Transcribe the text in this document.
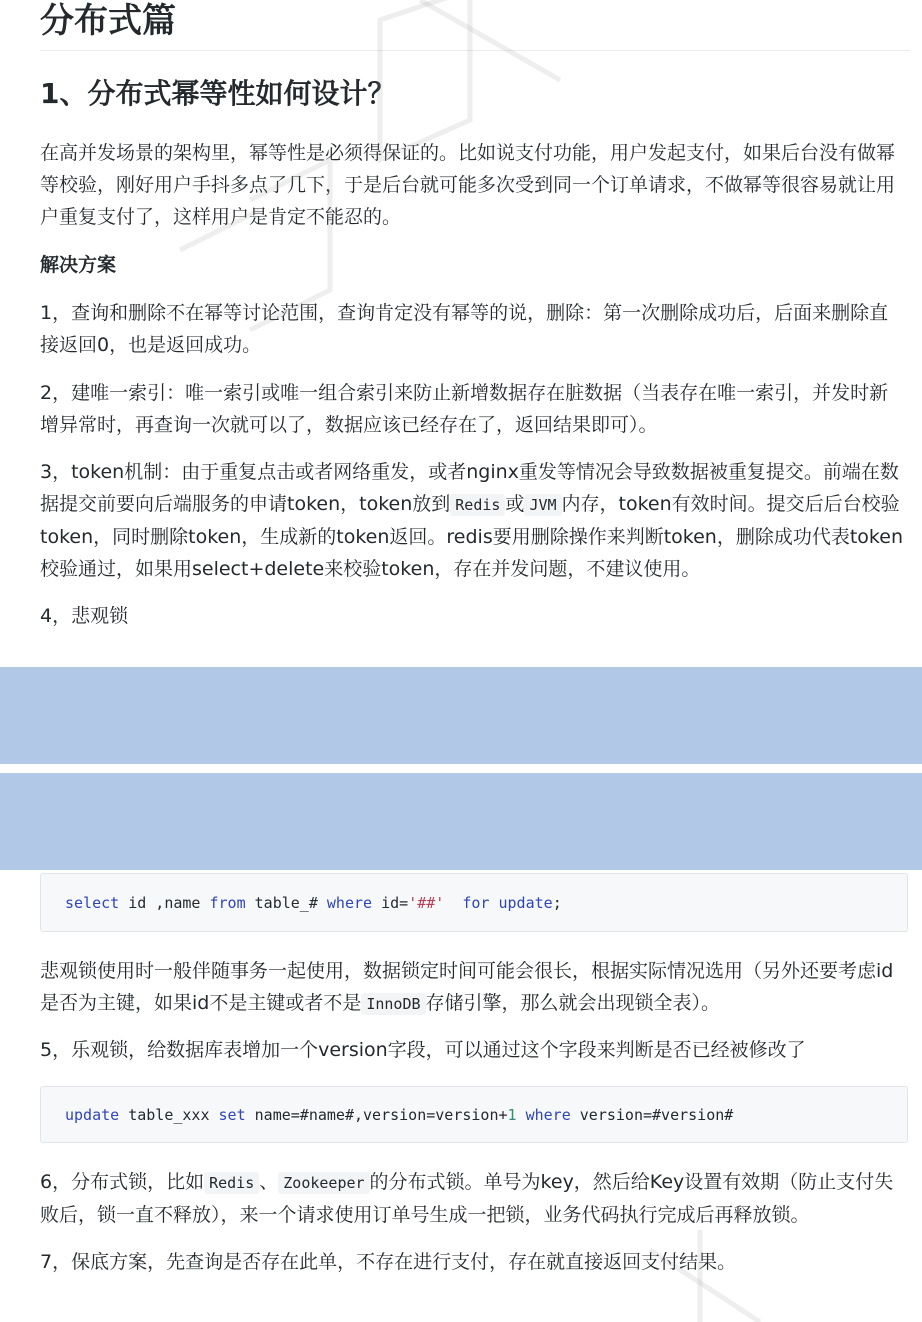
分布式篇
1、分布式幂等性如何设计？

在高并发场景的架构里，幂等性是必须得保证的。比如说支付功能，用户发起支付，如果后台没有做幂等校验，刚好用户手抖多点了几下，于是后台就可能多次受到同一个订单请求，不做幂等很容易就让用户重复支付了，这样用户是肯定不能忍的。

解决方案

1，查询和删除不在幂等讨论范围，查询肯定没有幂等的说，删除：第一次删除成功后，后面来删除直接返回0，也是返回成功。

2，建唯一索引：唯一索引或唯一组合索引来防止新增数据存在脏数据（当表存在唯一索引，并发时新增异常时，再查询一次就可以了，数据应该已经存在了，返回结果即可）。

3，token机制：由于重复点击或者网络重发，或者nginx重发等情况会导致数据被重复提交。前端在数据提交前要向后端服务的申请token，token放到 Redis 或 JVM 内存，token有效时间。提交后后台校验token，同时删除token，生成新的token返回。redis要用删除操作来判断token，删除成功代表token校验通过，如果用select+delete来校验token，存在并发问题，不建议使用。

4，悲观锁

select id ,name from table_# where id='##' for update;

悲观锁使用时一般伴随事务一起使用，数据锁定时间可能会很长，根据实际情况选用（另外还要考虑id是否为主键，如果id不是主键或者不是 InnoDB 存储引擎，那么就会出现锁全表）。

5，乐观锁，给数据库表增加一个version字段，可以通过这个字段来判断是否已经被修改了

update table_xxx set name=#name#,version=version+1 where version=#version#

6，分布式锁，比如 Redis 、 Zookeeper 的分布式锁。单号为key，然后给Key设置有效期（防止支付失败后，锁一直不释放），来一个请求使用订单号生成一把锁，业务代码执行完成后再释放锁。

7，保底方案，先查询是否存在此单，不存在进行支付，存在就直接返回支付结果。
